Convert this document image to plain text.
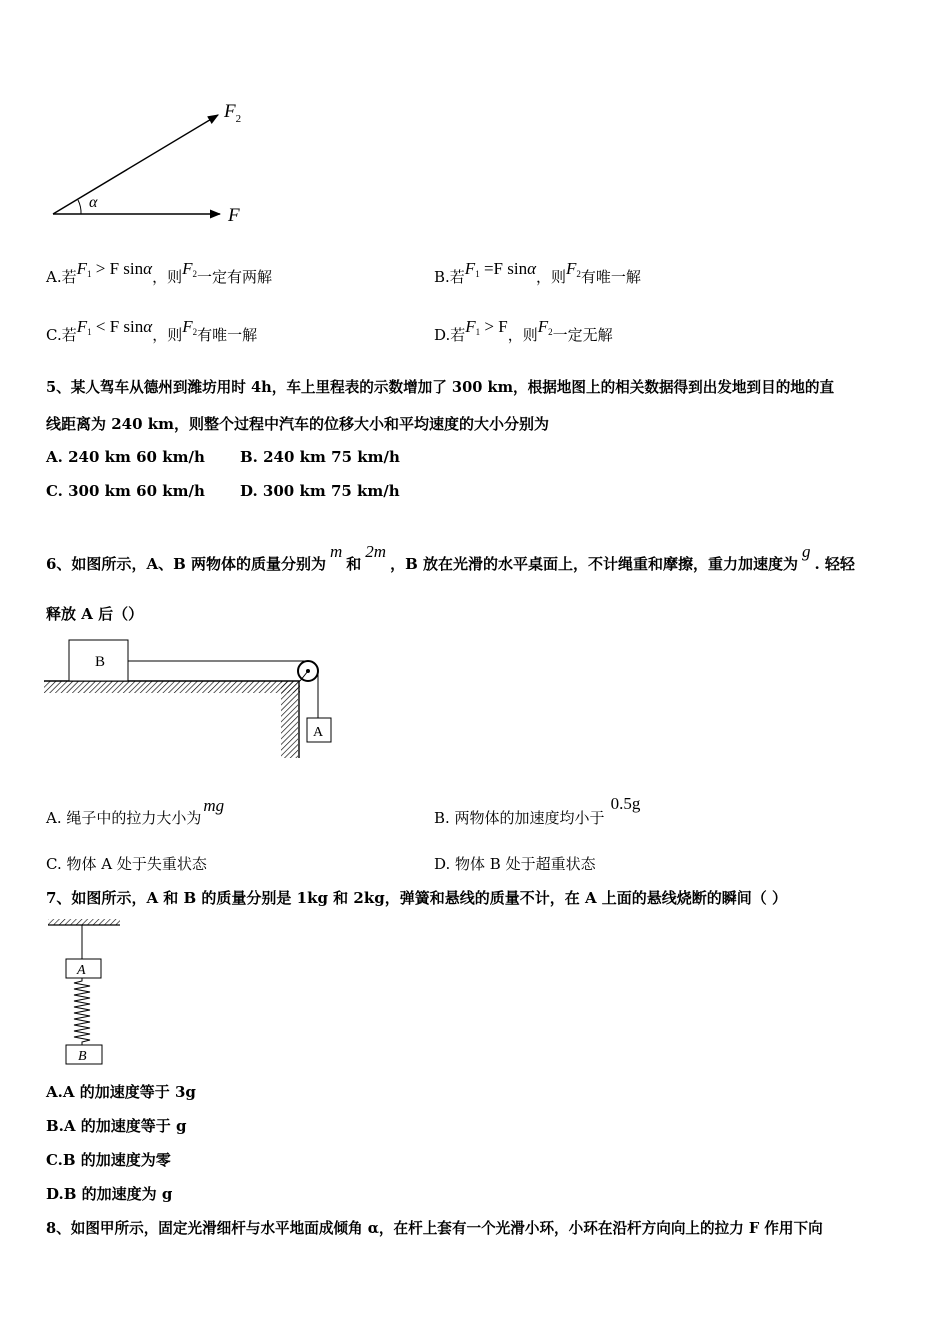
$F_2$
F
α
A.若$F_1 > F$ sinα，则$F_2$一定有两解	B.若$F_1 =F$ sinα，则$F_2$有唯一解
C.若$F_1 < F$ sinα，则$F_2$有唯一解	D.若$F_1 > F$，则$F_2$一定无解
5、某人驾车从德州到潍坊用时 4h，车上里程表的示数增加了 300 km，根据地图上的相关数据得到出发地到目的地的直
线距离为 240 km，则整个过程中汽车的位移大小和平均速度的大小分别为
A. 240 km 60 km/h B. 240 km 75 km/h
C. 300 km 60 km/h D. 300 km 75 km/h
6、如图所示，A、B 两物体的质量分别为m和2m，B 放在光滑的水平桌面上，不计绳重和摩擦，重力加速度为g. 轻轻
释放 A 后（）
B
A
A. 绳子中的拉力大小为mg
B. 两物体的加速度均小于0.5g
C. 物体 A 处于失重状态	D. 物体 B 处于超重状态
7、如图所示，A 和 B 的质量分别是 1kg 和 2kg，弹簧和悬线的质量不计，在 A 上面的悬线烧断的瞬间（ ）
A
B
A.A 的加速度等于 3g
B.A 的加速度等于 g
C.B 的加速度为零
D.B 的加速度为 g
8、如图甲所示，固定光滑细杆与水平地面成倾角 α，在杆上套有一个光滑小环，小环在沿杆方向向上的拉力 F 作用下向
